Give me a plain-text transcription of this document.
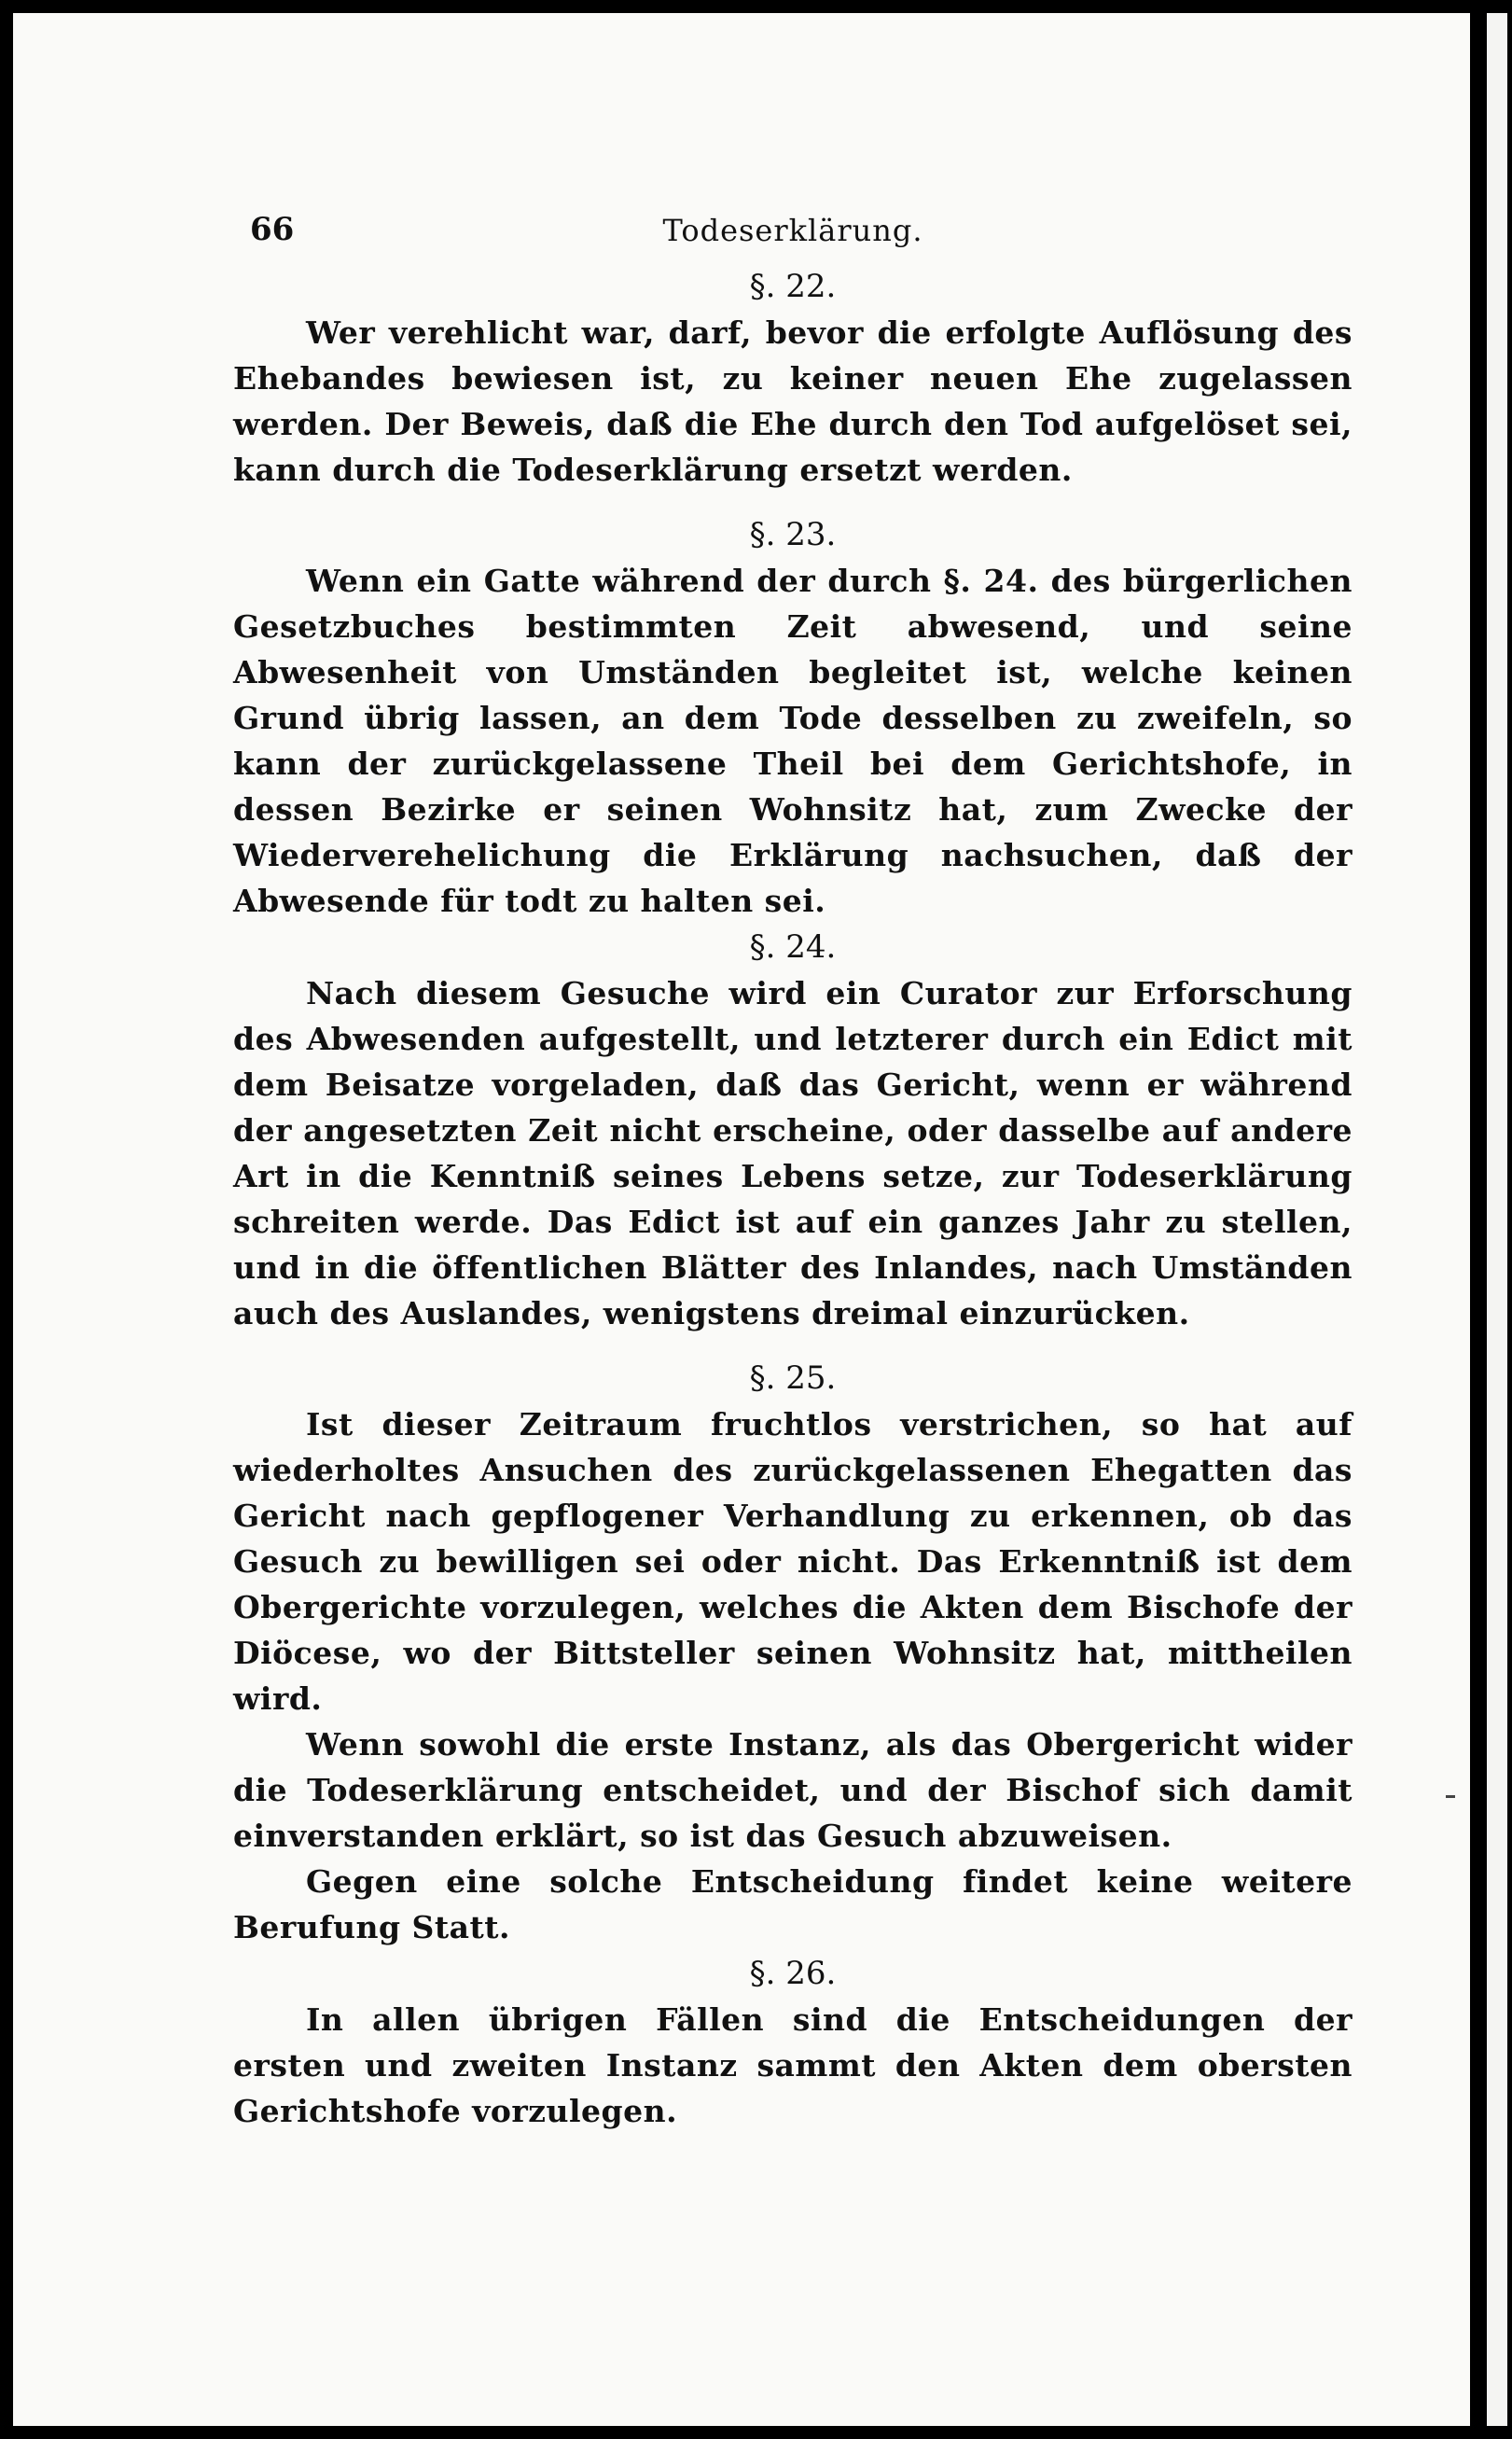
66	Todeserklärung.

§. 22.

Wer verehlicht war, darf, bevor die erfolgte Auflösung des Ehebandes bewiesen ist, zu keiner neuen Ehe zugelassen werden. Der Beweis, daß die Ehe durch den Tod aufgelöset sei, kann durch die Todeserklärung ersetzt werden.

§. 23.

Wenn ein Gatte während der durch §. 24. des bürgerlichen Gesetzbuches bestimmten Zeit abwesend, und seine Abwesenheit von Umständen begleitet ist, welche keinen Grund übrig lassen, an dem Tode desselben zu zweifeln, so kann der zurückgelassene Theil bei dem Gerichtshofe, in dessen Bezirke er seinen Wohnsitz hat, zum Zwecke der Wiederverehelichung die Erklärung nachsuchen, daß der Abwesende für todt zu halten sei.

§. 24.

Nach diesem Gesuche wird ein Curator zur Erforschung des Abwesenden aufgestellt, und letzterer durch ein Edict mit dem Beisatze vorgeladen, daß das Gericht, wenn er während der angesetzten Zeit nicht erscheine, oder dasselbe auf andere Art in die Kenntniß seines Lebens setze, zur Todeserklärung schreiten werde. Das Edict ist auf ein ganzes Jahr zu stellen, und in die öffentlichen Blätter des Inlandes, nach Umständen auch des Auslandes, wenigstens dreimal einzurücken.

§. 25.

Ist dieser Zeitraum fruchtlos verstrichen, so hat auf wiederholtes Ansuchen des zurückgelassenen Ehegatten das Gericht nach gepflogener Verhandlung zu erkennen, ob das Gesuch zu bewilligen sei oder nicht. Das Erkenntniß ist dem Obergerichte vorzulegen, welches die Akten dem Bischofe der Diöcese, wo der Bittsteller seinen Wohnsitz hat, mittheilen wird.

Wenn sowohl die erste Instanz, als das Obergericht wider die Todeserklärung entscheidet, und der Bischof sich damit einverstanden erklärt, so ist das Gesuch abzuweisen.

Gegen eine solche Entscheidung findet keine weitere Berufung Statt.

§. 26.

In allen übrigen Fällen sind die Entscheidungen der ersten und zweiten Instanz sammt den Akten dem obersten Gerichtshofe vorzulegen.
